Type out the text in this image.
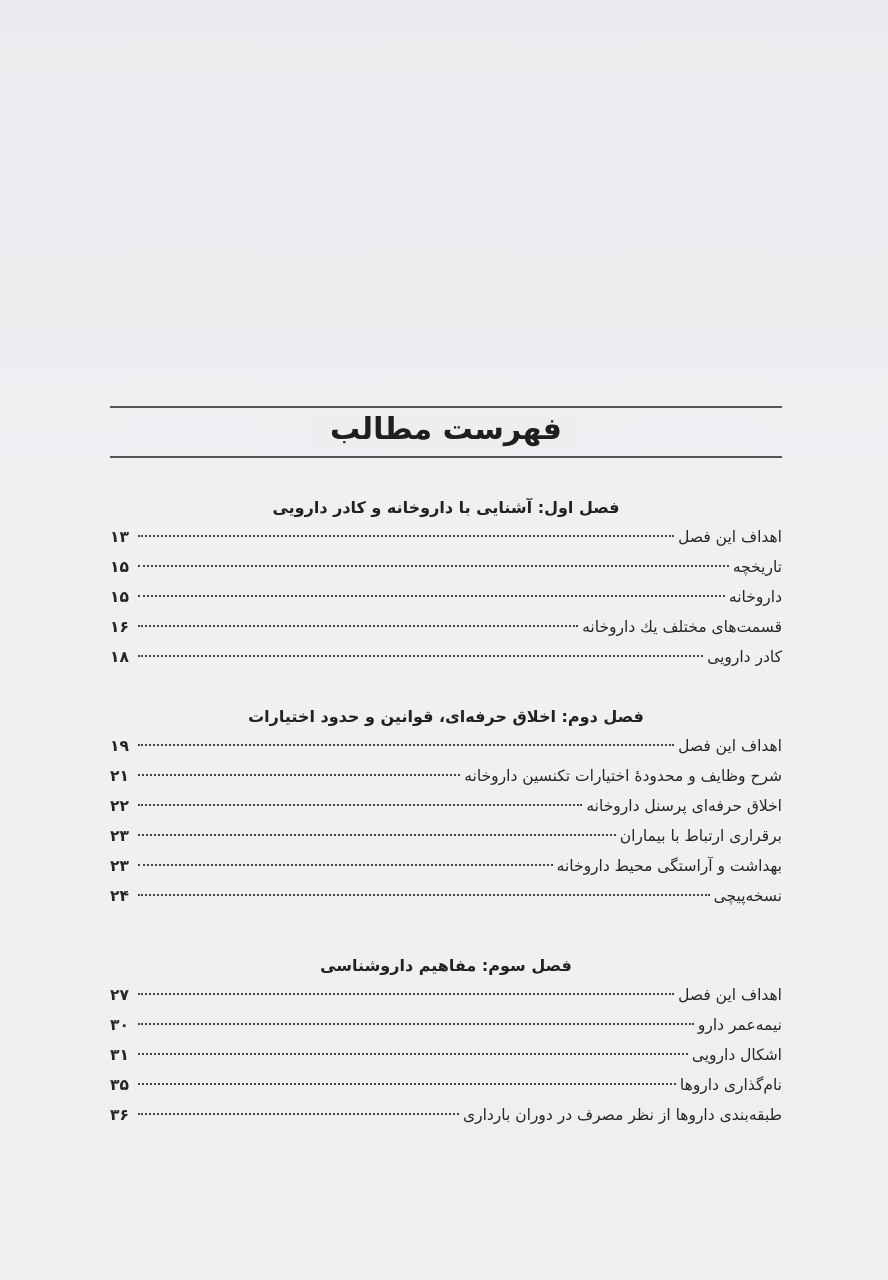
فهرست مطالب
فصل اول: آشنایی با داروخانه و کادر دارویی
اهداف این فصل
۱۳
تاریخچه
۱۵
داروخانه
۱۵
قسمت‌های مختلف یك داروخانه
۱۶
کادر دارویی
۱۸
فصل دوم: اخلاق حرفه‌ای، قوانین و حدود اختیارات
اهداف این فصل
۱۹
شرح وظایف و محدودهٔ اختیارات تکنسین داروخانه
۲۱
اخلاق حرفه‌ای پرسنل داروخانه
۲۲
برقراری ارتباط با بیماران
۲۳
بهداشت و آراستگی محیط داروخانه
۲۳
نسخه‌پیچی
۲۴
فصل سوم: مفاهیم داروشناسی
اهداف این فصل
۲۷
نیمه‌عمر دارو
۳۰
اشکال دارویی
۳۱
نام‌گذاری داروها
۳۵
طبقه‌بندی داروها از نظر مصرف در دوران بارداری
۳۶
